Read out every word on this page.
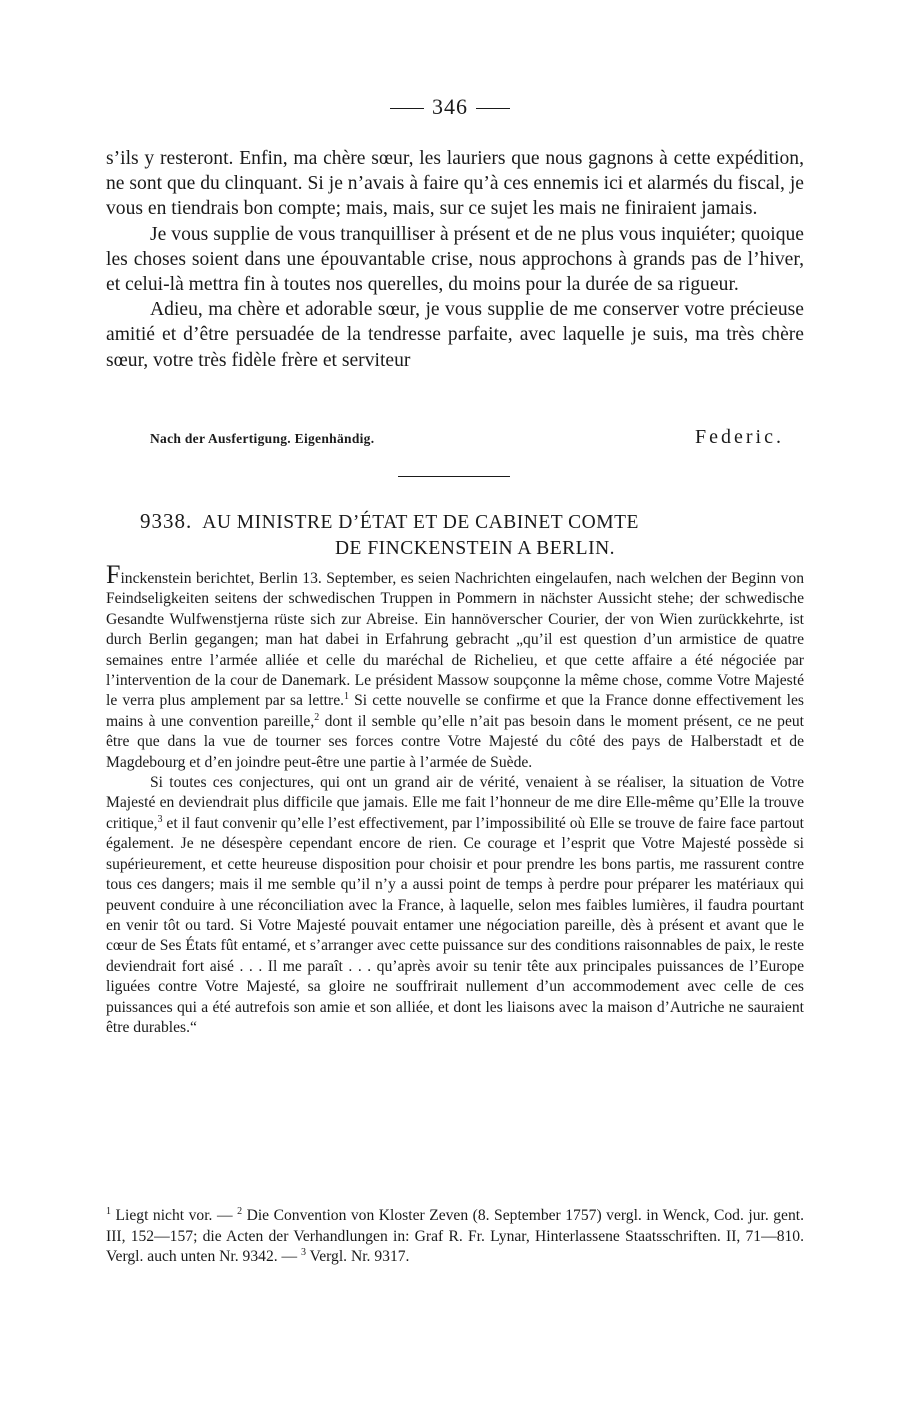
346

s’ils y resteront. Enfin, ma chère sœur, les lauriers que nous gagnons à cette expédition, ne sont que du clinquant. Si je n’avais à faire qu’à ces ennemis ici et alarmés du fiscal, je vous en tiendrais bon compte; mais, mais, sur ce sujet les mais ne finiraient jamais.

Je vous supplie de vous tranquilliser à présent et de ne plus vous inquiéter; quoique les choses soient dans une épouvantable crise, nous approchons à grands pas de l’hiver, et celui-là mettra fin à toutes nos querelles, du moins pour la durée de sa rigueur.

Adieu, ma chère et adorable sœur, je vous supplie de me conserver votre précieuse amitié et d’être persuadée de la tendresse parfaite, avec laquelle je suis, ma très chère sœur, votre très fidèle frère et serviteur

Nach der Ausfertigung. Eigenhändig.	Federic.
9338. AU MINISTRE D’ÉTAT ET DE CABINET COMTE
DE FINCKENSTEIN A BERLIN.

Finckenstein berichtet, Berlin 13. September, es seien Nachrichten eingelaufen, nach welchen der Beginn von Feindseligkeiten seitens der schwedischen Truppen in Pommern in nächster Aussicht stehe; der schwedische Gesandte Wulfwenstjerna rüste sich zur Abreise. Ein hannöverscher Courier, der von Wien zurückkehrte, ist durch Berlin gegangen; man hat dabei in Erfahrung gebracht „qu’il est question d’un armistice de quatre semaines entre l’armée alliée et celle du maréchal de Richelieu, et que cette affaire a été négociée par l’intervention de la cour de Danemark. Le président Massow soupçonne la même chose, comme Votre Majesté le verra plus amplement par sa lettre.$^1$ Si cette nouvelle se confirme et que la France donne effectivement les mains à une convention pareille,$^2$ dont il semble qu’elle n’ait pas besoin dans le moment présent, ce ne peut être que dans la vue de tourner ses forces contre Votre Majesté du côté des pays de Halberstadt et de Magdebourg et d’en joindre peut-être une partie à l’armée de Suède.

Si toutes ces conjectures, qui ont un grand air de vérité, venaient à se réaliser, la situation de Votre Majesté en deviendrait plus difficile que jamais. Elle me fait l’honneur de me dire Elle-même qu’Elle la trouve critique,$^3$ et il faut convenir qu’elle l’est effectivement, par l’impossibilité où Elle se trouve de faire face partout également. Je ne désespère cependant encore de rien. Ce courage et l’esprit que Votre Majesté possède si supérieurement, et cette heureuse disposition pour choisir et pour prendre les bons partis, me rassurent contre tous ces dangers; mais il me semble qu’il n’y a aussi point de temps à perdre pour préparer les matériaux qui peuvent conduire à une réconciliation avec la France, à laquelle, selon mes faibles lumières, il faudra pourtant en venir tôt ou tard. Si Votre Majesté pouvait entamer une négociation pareille, dès à présent et avant que le cœur de Ses États fût entamé, et s’arranger avec cette puissance sur des conditions raisonnables de paix, le reste deviendrait fort aisé . . . Il me paraît . . . qu’après avoir su tenir tête aux principales puissances de l’Europe liguées contre Votre Majesté, sa gloire ne souffrirait nullement d’un accommodement avec celle de ces puissances qui a été autrefois son amie et son alliée, et dont les liaisons avec la maison d’Autriche ne sauraient être durables.“

$^1$ Liegt nicht vor. — $^2$ Die Convention von Kloster Zeven (8. September 1757) vergl. in Wenck, Cod. jur. gent. III, 152—157; die Acten der Verhandlungen in: Graf R. Fr. Lynar, Hinterlassene Staatsschriften. II, 71—810. Vergl. auch unten Nr. 9342. — $^3$ Vergl. Nr. 9317.
